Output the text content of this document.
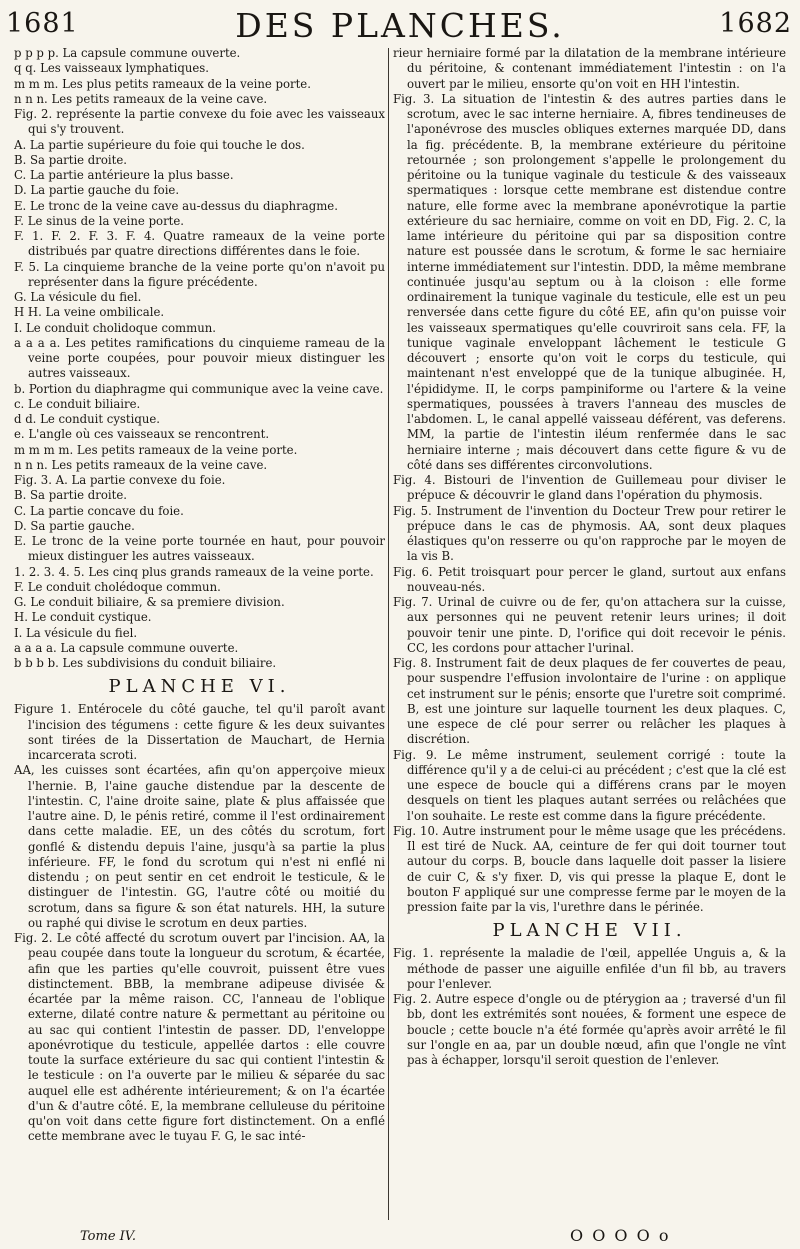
1681	DES PLANCHES.	1682

p p p p. La capsule commune ouverte.

q q. Les vaisseaux lymphatiques.

m m m. Les plus petits rameaux de la veine porte.

n n n. Les petits rameaux de la veine cave.

Fig. 2. représente la partie convexe du foie avec les vaisseaux qui s'y trouvent.

A. La partie supérieure du foie qui touche le dos.

B. Sa partie droite.

C. La partie antérieure la plus basse.

D. La partie gauche du foie.

E. Le tronc de la veine cave au-dessus du diaphragme.

F. Le sinus de la veine porte.

F. 1. F. 2. F. 3. F. 4. Quatre rameaux de la veine porte distribués par quatre directions différentes dans le foie.

F. 5. La cinquieme branche de la veine porte qu'on n'avoit pu représenter dans la figure précédente.

G. La vésicule du fiel.

H H. La veine ombilicale.

I. Le conduit cholidoque commun.

a a a a. Les petites ramifications du cinquieme rameau de la veine porte coupées, pour pouvoir mieux distinguer les autres vaisseaux.

b. Portion du diaphragme qui communique avec la veine cave.

c. Le conduit biliaire.

d d. Le conduit cystique.

e. L'angle où ces vaisseaux se rencontrent.

m m m m. Les petits rameaux de la veine porte.

n n n. Les petits rameaux de la veine cave.

Fig. 3. A. La partie convexe du foie.

B. Sa partie droite.

C. La partie concave du foie.

D. Sa partie gauche.

E. Le tronc de la veine porte tournée en haut, pour pouvoir mieux distinguer les autres vaisseaux.

1. 2. 3. 4. 5. Les cinq plus grands rameaux de la veine porte.

F. Le conduit cholédoque commun.

G. Le conduit biliaire, & sa premiere division.

H. Le conduit cystique.

I. La vésicule du fiel.

a a a a. La capsule commune ouverte.

b b b b. Les subdivisions du conduit biliaire.

PLANCHE VI.

Figure 1. Entérocele du côté gauche, tel qu'il paroît avant l'incision des tégumens : cette figure & les deux suivantes sont tirées de la Dissertation de Mauchart, de Hernia incarcerata scroti.

AA, les cuisses sont écartées, afin qu'on apperçoive mieux l'hernie. B, l'aine gauche distendue par la descente de l'intestin. C, l'aine droite saine, plate & plus affaissée que l'autre aine. D, le pénis retiré, comme il l'est ordinairement dans cette maladie. EE, un des côtés du scrotum, fort gonflé & distendu depuis l'aine, jusqu'à sa partie la plus inférieure. FF, le fond du scrotum qui n'est ni enflé ni distendu ; on peut sentir en cet endroit le testicule, & le distinguer de l'intestin. GG, l'autre côté ou moitié du scrotum, dans sa figure & son état naturels. HH, la suture ou raphé qui divise le scrotum en deux parties.

Fig. 2. Le côté affecté du scrotum ouvert par l'incision. AA, la peau coupée dans toute la longueur du scrotum, & écartée, afin que les parties qu'elle couvroit, puissent être vues distinctement. BBB, la membrane adipeuse divisée & écartée par la même raison. CC, l'anneau de l'oblique externe, dilaté contre nature & permettant au péritoine ou au sac qui contient l'intestin de passer. DD, l'enveloppe aponévrotique du testicule, appellée dartos : elle couvre toute la surface extérieure du sac qui contient l'intestin & le testicule : on l'a ouverte par le milieu & séparée du sac auquel elle est adhérente intérieurement; & on l'a écartée d'un & d'autre côté. E, la membrane celluleuse du péritoine qu'on voit dans cette figure fort distinctement. On a enflé cette membrane avec le tuyau F. G, le sac inté-

rieur herniaire formé par la dilatation de la membrane intérieure du péritoine, & contenant immédiatement l'intestin : on l'a ouvert par le milieu, ensorte qu'on voit en HH l'intestin.

Fig. 3. La situation de l'intestin & des autres parties dans le scrotum, avec le sac interne herniaire. A, fibres tendineuses de l'aponévrose des muscles obliques externes marquée DD, dans la fig. précédente. B, la membrane extérieure du péritoine retournée ; son prolongement s'appelle le prolongement du péritoine ou la tunique vaginale du testicule & des vaisseaux spermatiques : lorsque cette membrane est distendue contre nature, elle forme avec la membrane aponévrotique la partie extérieure du sac herniaire, comme on voit en DD, Fig. 2. C, la lame intérieure du péritoine qui par sa disposition contre nature est poussée dans le scrotum, & forme le sac herniaire interne immédiatement sur l'intestin. DDD, la même membrane continuée jusqu'au septum ou à la cloison : elle forme ordinairement la tunique vaginale du testicule, elle est un peu renversée dans cette figure du côté EE, afin qu'on puisse voir les vaisseaux spermatiques qu'elle couvriroit sans cela. FF, la tunique vaginale enveloppant lâchement le testicule G découvert ; ensorte qu'on voit le corps du testicule, qui maintenant n'est enveloppé que de la tunique albuginée. H, l'épididyme. II, le corps pampiniforme ou l'artere & la veine spermatiques, poussées à travers l'anneau des muscles de l'abdomen. L, le canal appellé vaisseau déférent, vas deferens. MM, la partie de l'intestin iléum renfermée dans le sac herniaire interne ; mais découvert dans cette figure & vu de côté dans ses différentes circonvolutions.

Fig. 4. Bistouri de l'invention de Guillemeau pour diviser le prépuce & découvrir le gland dans l'opération du phymosis.

Fig. 5. Instrument de l'invention du Docteur Trew pour retirer le prépuce dans le cas de phymosis. AA, sont deux plaques élastiques qu'on resserre ou qu'on rapproche par le moyen de la vis B.

Fig. 6. Petit troisquart pour percer le gland, surtout aux enfans nouveau-nés.

Fig. 7. Urinal de cuivre ou de fer, qu'on attachera sur la cuisse, aux personnes qui ne peuvent retenir leurs urines; il doit pouvoir tenir une pinte. D, l'orifice qui doit recevoir le pénis. CC, les cordons pour attacher l'urinal.

Fig. 8. Instrument fait de deux plaques de fer couvertes de peau, pour suspendre l'effusion involontaire de l'urine : on applique cet instrument sur le pénis; ensorte que l'uretre soit comprimé. B, est une jointure sur laquelle tournent les deux plaques. C, une espece de clé pour serrer ou relâcher les plaques à discrétion.

Fig. 9. Le même instrument, seulement corrigé : toute la différence qu'il y a de celui-ci au précédent ; c'est que la clé est une espece de boucle qui a différens crans par le moyen desquels on tient les plaques autant serrées ou relâchées que l'on souhaite. Le reste est comme dans la figure précédente.

Fig. 10. Autre instrument pour le même usage que les précédens. Il est tiré de Nuck. AA, ceinture de fer qui doit tourner tout autour du corps. B, boucle dans laquelle doit passer la lisiere de cuir C, & s'y fixer. D, vis qui presse la plaque E, dont le bouton F appliqué sur une compresse ferme par le moyen de la pression faite par la vis, l'urethre dans le périnée.

PLANCHE VII.

Fig. 1. représente la maladie de l'œil, appellée Unguis a, & la méthode de passer une aiguille enfilée d'un fil bb, au travers pour l'enlever.

Fig. 2. Autre espece d'ongle ou de ptérygion aa ; traversé d'un fil bb, dont les extrémités sont nouées, & forment une espece de boucle ; cette boucle n'a été formée qu'après avoir arrêté le fil sur l'ongle en aa, par un double nœud, afin que l'ongle ne vînt pas à échapper, lorsqu'il seroit question de l'enlever.

Tome IV.	O O O O o
